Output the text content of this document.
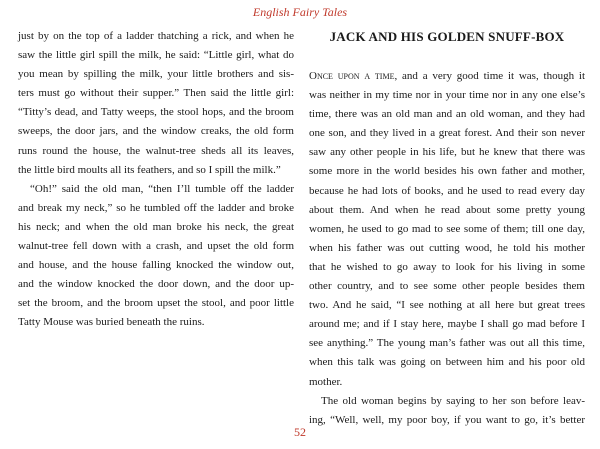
English Fairy Tales
just by on the top of a ladder thatching a rick, and when he
saw the little girl spill the milk, he said: “Little girl, what do
you mean by spilling the milk, your little brothers and sis-
ters must go without their supper.” Then said the little girl:
“Titty’s dead, and Tatty weeps, the stool hops, and the broom
sweeps, the door jars, and the window creaks, the old form
runs round the house, the walnut-tree sheds all its leaves,
the little bird moults all its feathers, and so I spill the milk.”
“Oh!” said the old man, “then I’ll tumble off the ladder
and break my neck,” so he tumbled off the ladder and broke
his neck; and when the old man broke his neck, the great
walnut-tree fell down with a crash, and upset the old form
and house, and the house falling knocked the window out,
and the window knocked the door down, and the door up-
set the broom, and the broom upset the stool, and poor little
Tatty Mouse was buried beneath the ruins.
JACK AND HIS GOLDEN SNUFF-BOX
Once upon a time, and a very good time it was, though it
was neither in my time nor in your time nor in any one else’s
time, there was an old man and an old woman, and they had
one son, and they lived in a great forest. And their son never
saw any other people in his life, but he knew that there was
some more in the world besides his own father and mother,
because he had lots of books, and he used to read every day
about them. And when he read about some pretty young
women, he used to go mad to see some of them; till one day,
when his father was out cutting wood, he told his mother
that he wished to go away to look for his living in some
other country, and to see some other people besides them
two. And he said, “I see nothing at all here but great trees
around me; and if I stay here, maybe I shall go mad before I
see anything.” The young man’s father was out all this time,
when this talk was going on between him and his poor old
mother.
The old woman begins by saying to her son before leav-
ing, “Well, well, my poor boy, if you want to go, it’s better
52
